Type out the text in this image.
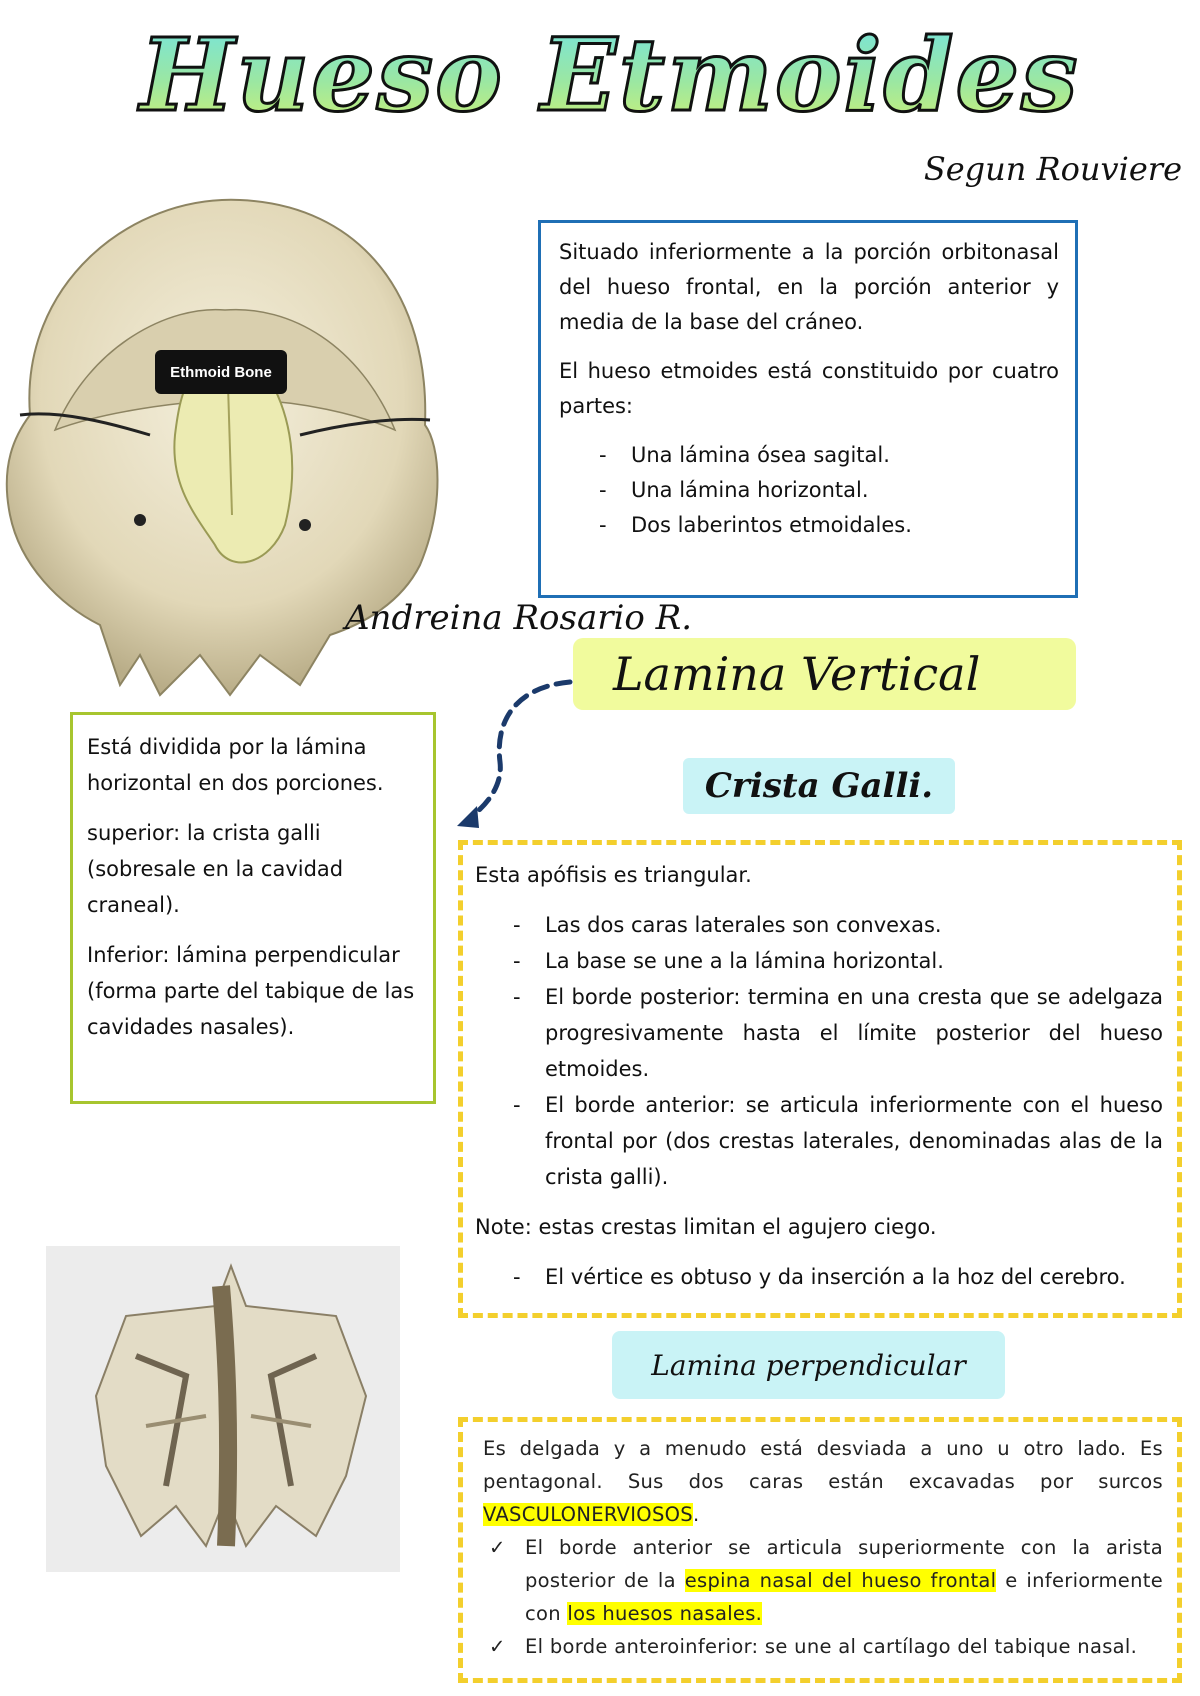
Hueso Etmoides
Segun Rouviere
Ethmoid Bone

Situado inferiormente a la porción orbitonasal del hueso frontal, en la porción anterior y media de la base del cráneo.

El hueso etmoides está constituido por cuatro partes:

- Una lámina ósea sagital.
- Una lámina horizontal.
- Dos laberintos etmoidales.
Andreina Rosario R.
Lamina Vertical

Está dividida por la lámina horizontal en dos porciones.

superior: la crista galli (sobresale en la cavidad craneal).

Inferior: lámina perpendicular (forma parte del tabique de las cavidades nasales).

Crista Galli.

Esta apófisis es triangular.

- Las dos caras laterales son convexas.
- La base se une a la lámina horizontal.
- El borde posterior: termina en una cresta que se adelgaza progresivamente hasta el límite posterior del hueso etmoides.
- El borde anterior: se articula inferiormente con el hueso frontal por (dos crestas laterales, denominadas alas de la crista galli).

Note: estas crestas limitan el agujero ciego.

- El vértice es obtuso y da inserción a la hoz del cerebro.
Lamina perpendicular

Es delgada y a menudo está desviada a uno u otro lado. Es pentagonal. Sus dos caras están excavadas por surcos VASCULONERVIOSOS.

✓ El borde anterior se articula superiormente con la arista posterior de la espina nasal del hueso frontal e inferiormente con los huesos nasales.
✓ El borde anteroinferior: se une al cartílago del tabique nasal.
